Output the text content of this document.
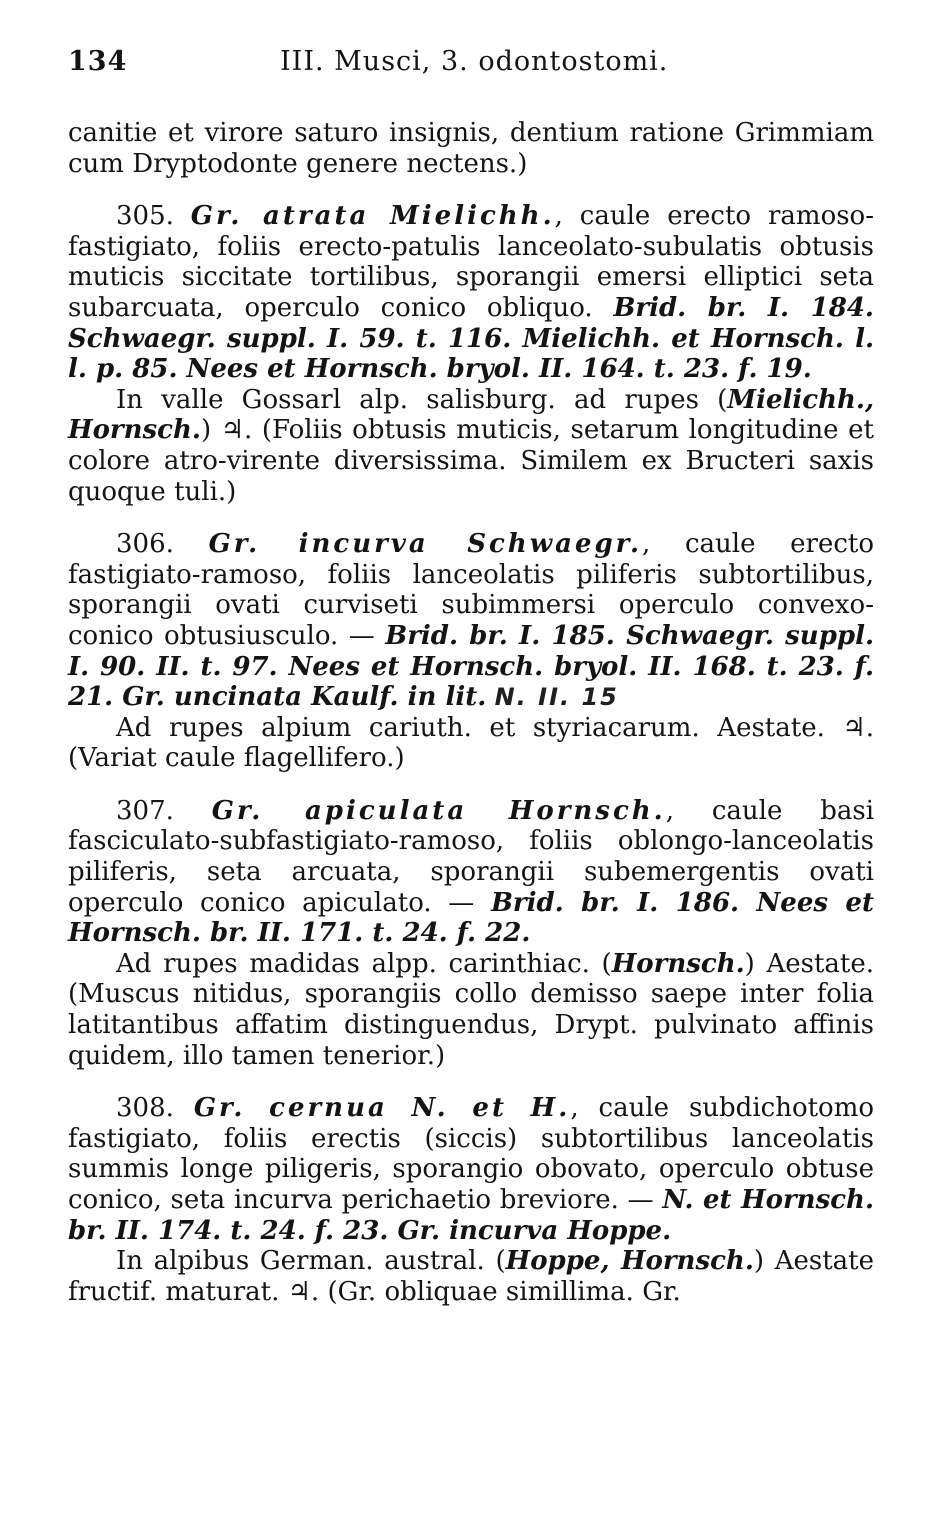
134	III. Musci, 3. odontostomi.

canitie et virore saturo insignis, dentium ratione Grimmiam cum Dryptodonte genere nectens.)

305. Gr. atrata Mielichh., caule erecto ramoso-fastigiato, foliis erecto-patulis lanceolato-subulatis obtusis muticis siccitate tortilibus, sporangii emersi elliptici seta subarcuata, operculo conico obliquo. Brid. br. I. 184. Schwaegr. suppl. I. 59. t. 116. Mielichh. et Hornsch. l. l. p. 85. Nees et Hornsch. bryol. II. 164. t. 23. f. 19.

In valle Gossarl alp. salisburg. ad rupes (Mielichh., Hornsch.) ♃. (Foliis obtusis muticis, setarum longitudine et colore atro-virente diversissima. Similem ex Bructeri saxis quoque tuli.)

306. Gr. incurva Schwaegr., caule erecto fastigiato-ramoso, foliis lanceolatis piliferis subtortilibus, sporangii ovati curviseti subimmersi operculo convexo-conico obtusiusculo. — Brid. br. I. 185. Schwaegr. suppl. I. 90. II. t. 97. Nees et Hornsch. bryol. II. 168. t. 23. f. 21. Gr. uncinata Kaulf. in lit. N. II. 15

Ad rupes alpium cariuth. et styriacarum. Aestate. ♃. (Variat caule flagellifero.)

307. Gr. apiculata Hornsch., caule basi fasciculato-subfastigiato-ramoso, foliis oblongo-lanceolatis piliferis, seta arcuata, sporangii subemergentis ovati operculo conico apiculato. — Brid. br. I. 186. Nees et Hornsch. br. II. 171. t. 24. f. 22.

Ad rupes madidas alpp. carinthiac. (Hornsch.) Aestate. (Muscus nitidus, sporangiis collo demisso saepe inter folia latitantibus affatim distinguendus, Drypt. pulvinato affinis quidem, illo tamen tenerior.)

308. Gr. cernua N. et H., caule subdichotomo fastigiato, foliis erectis (siccis) subtortilibus lanceolatis summis longe piligeris, sporangio obovato, operculo obtuse conico, seta incurva perichaetio breviore. — N. et Hornsch. br. II. 174. t. 24. f. 23. Gr. incurva Hoppe.

In alpibus German. austral. (Hoppe, Hornsch.) Aestate fructif. maturat. ♃. (Gr. obliquae simillima. Gr.
